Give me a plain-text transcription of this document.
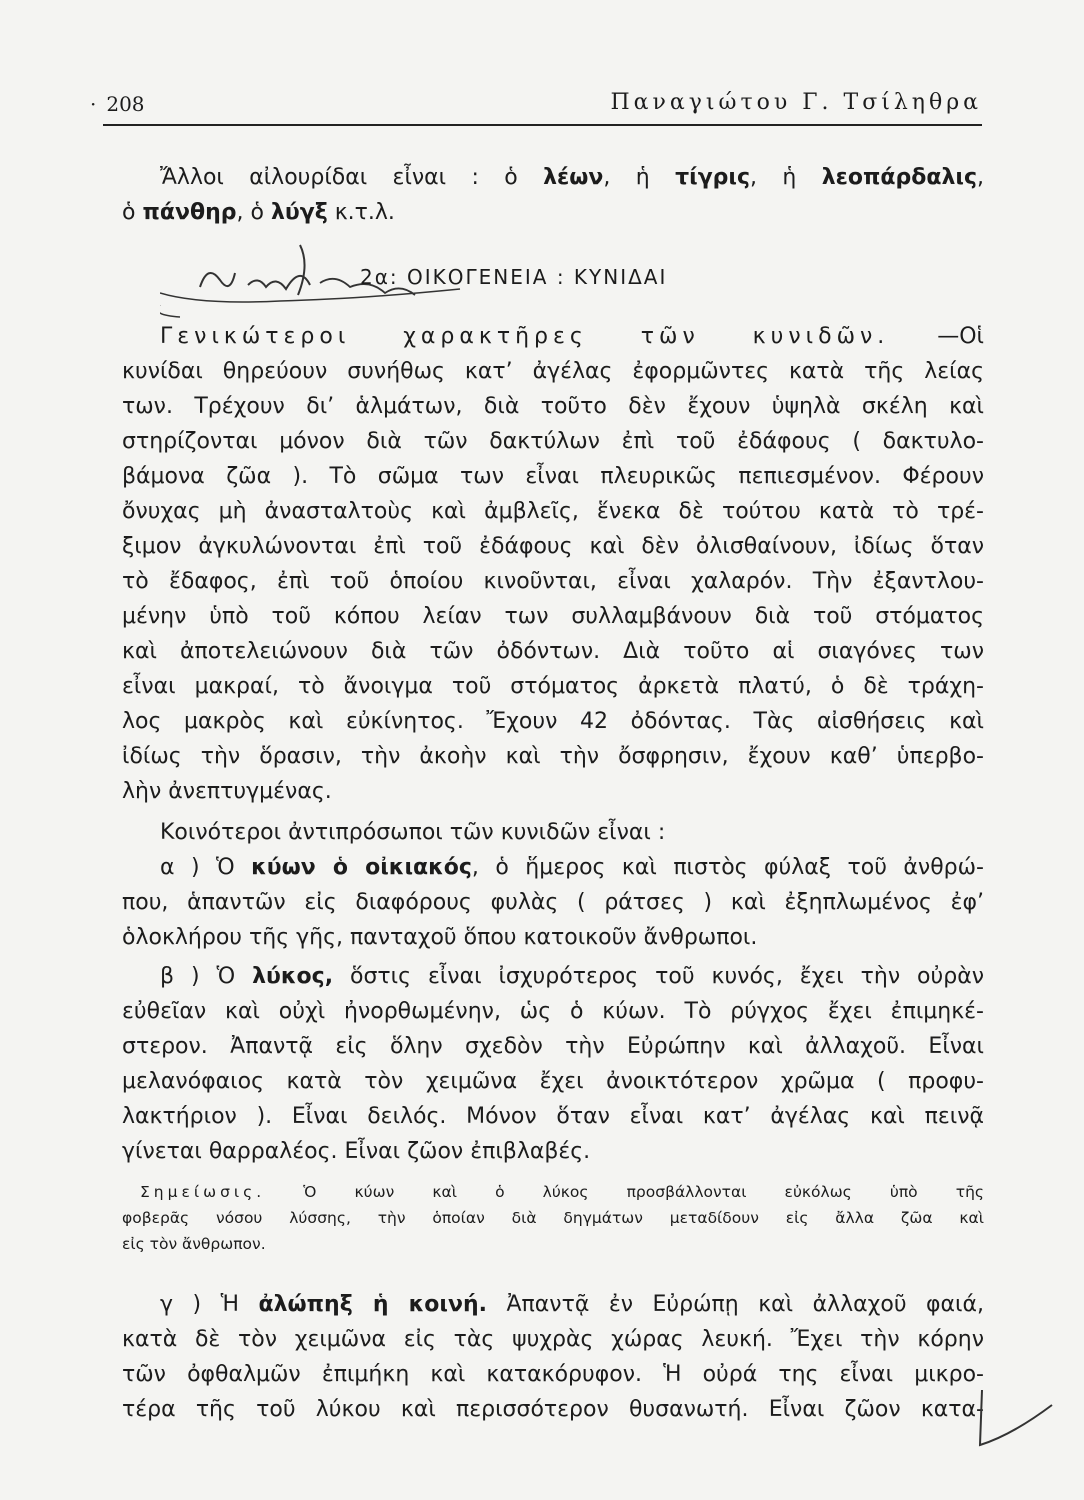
· 208	Παναγιώτου Γ. Τσίληθρα
Ἄλλοι αἰλουρίδαι εἶναι : ὁ λέων, ἡ τίγρις, ἡ λεοπάρδαλις,
ὁ πάνθηρ, ὁ λύγξ κ.τ.λ.
2α: ΟΙΚΟΓΕΝΕΙΑ : ΚΥΝΙΔΑΙ
Γενικώτεροι χαρακτῆρες τῶν κυνιδῶν. —Οἱ
κυνίδαι θηρεύουν συνήθως κατ’ ἀγέλας ἐφορμῶντες κατὰ τῆς λείας
των. Τρέχουν δι’ ἁλμάτων, διὰ τοῦτο δὲν ἔχουν ὑψηλὰ σκέλη καὶ
στηρίζονται μόνον διὰ τῶν δακτύλων ἐπὶ τοῦ ἐδάφους ( δακτυλο-
βάμονα ζῶα ). Τὸ σῶμα των εἶναι πλευρικῶς πεπιεσμένον. Φέρουν
ὄνυχας μὴ ἀνασταλτοὺς καὶ ἀμβλεῖς, ἕνεκα δὲ τούτου κατὰ τὸ τρέ-
ξιμον ἀγκυλώνονται ἐπὶ τοῦ ἐδάφους καὶ δὲν ὀλισθαίνουν, ἰδίως ὅταν
τὸ ἔδαφος, ἐπὶ τοῦ ὁποίου κινοῦνται, εἶναι χαλαρόν. Τὴν ἐξαντλου-
μένην ὑπὸ τοῦ κόπου λείαν των συλλαμβάνουν διὰ τοῦ στόματος
καὶ ἀποτελειώνουν διὰ τῶν ὀδόντων. Διὰ τοῦτο αἱ σιαγόνες των
εἶναι μακραί, τὸ ἄνοιγμα τοῦ στόματος ἀρκετὰ πλατύ, ὁ δὲ τράχη-
λος μακρὸς καὶ εὐκίνητος. Ἔχουν 42 ὀδόντας. Τὰς αἰσθήσεις καὶ
ἰδίως τὴν ὅρασιν, τὴν ἀκοὴν καὶ τὴν ὄσφρησιν, ἔχουν καθ’ ὑπερβο-
λὴν ἀνεπτυγμένας.
Κοινότεροι ἀντιπρόσωποι τῶν κυνιδῶν εἶναι :
α ) Ὁ κύων ὁ οἰκιακός, ὁ ἥμερος καὶ πιστὸς φύλαξ τοῦ ἀνθρώ-
που, ἁπαντῶν εἰς διαφόρους φυλὰς ( ράτσες ) καὶ ἐξηπλωμένος ἐφ’
ὁλοκλήρου τῆς γῆς, πανταχοῦ ὅπου κατοικοῦν ἄνθρωποι.
β ) Ὁ λύκος, ὅστις εἶναι ἰσχυρότερος τοῦ κυνός, ἔχει τὴν οὐρὰν
εὐθεῖαν καὶ οὐχὶ ἠνορθωμένην, ὡς ὁ κύων. Τὸ ρύγχος ἔχει ἐπιμηκέ-
στερον. Ἀπαντᾷ εἰς ὅλην σχεδὸν τὴν Εὐρώπην καὶ ἀλλαχοῦ. Εἶναι
μελανόφαιος κατὰ τὸν χειμῶνα ἔχει ἀνοικτότερον χρῶμα ( προφυ-
λακτήριον ). Εἶναι δειλός. Μόνον ὅταν εἶναι κατ’ ἀγέλας καὶ πεινᾷ
γίνεται θαρραλέος. Εἶναι ζῶον ἐπιβλαβές.
Σημείωσις. Ὁ κύων καὶ ὁ λύκος προσβάλλονται εὐκόλως ὑπὸ τῆς
φοβερᾶς νόσου λύσσης, τὴν ὁποίαν διὰ δηγμάτων μεταδίδουν εἰς ἄλλα ζῶα καὶ
εἰς τὸν ἄνθρωπον.
γ ) Ἡ ἀλώπηξ ἡ κοινή. Ἀπαντᾷ ἐν Εὐρώπῃ καὶ ἀλλαχοῦ φαιά,
κατὰ δὲ τὸν χειμῶνα εἰς τὰς ψυχρὰς χώρας λευκή. Ἔχει τὴν κόρην
τῶν ὀφθαλμῶν ἐπιμήκη καὶ κατακόρυφον. Ἡ οὐρά της εἶναι μικρο-
τέρα τῆς τοῦ λύκου καὶ περισσότερον θυσανωτή. Εἶναι ζῶον κατα-
